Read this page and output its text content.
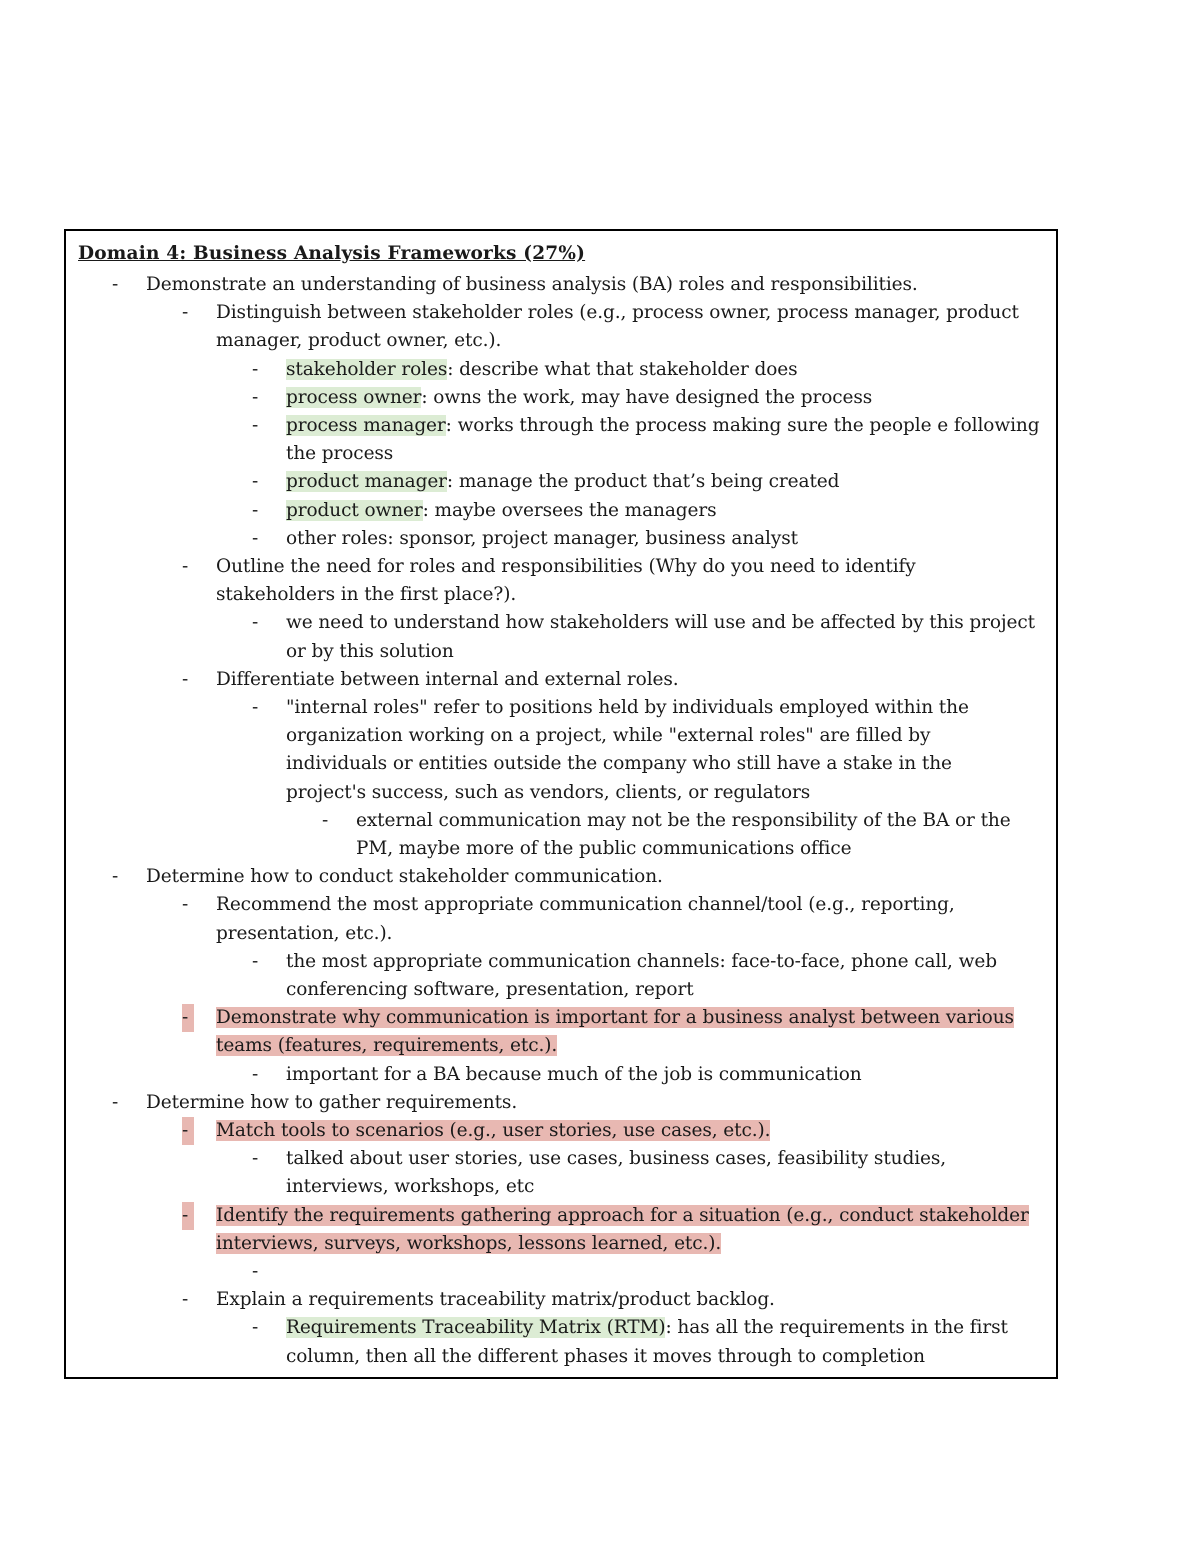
Domain 4: Business Analysis Frameworks (27%)
- Demonstrate an understanding of business analysis (BA) roles and responsibilities.
- Distinguish between stakeholder roles (e.g., process owner, process manager, product
manager, product owner, etc.).
- stakeholder roles: describe what that stakeholder does
- process owner: owns the work, may have designed the process
- process manager: works through the process making sure the people e following
the process
- product manager: manage the product that’s being created
- product owner: maybe oversees the managers
- other roles: sponsor, project manager, business analyst
- Outline the need for roles and responsibilities (Why do you need to identify
stakeholders in the first place?).
- we need to understand how stakeholders will use and be affected by this project
or by this solution
- Differentiate between internal and external roles.
- "internal roles" refer to positions held by individuals employed within the
organization working on a project, while "external roles" are filled by
individuals or entities outside the company who still have a stake in the
project's success, such as vendors, clients, or regulators
- external communication may not be the responsibility of the BA or the
PM, maybe more of the public communications office
- Determine how to conduct stakeholder communication.
- Recommend the most appropriate communication channel/tool (e.g., reporting,
presentation, etc.).
- the most appropriate communication channels: face-to-face, phone call, web
conferencing software, presentation, report
-	Demonstrate why communication is important for a business analyst between various
teams (features, requirements, etc.).
- important for a BA because much of the job is communication
- Determine how to gather requirements.
-	Match tools to scenarios (e.g., user stories, use cases, etc.).
- talked about user stories, use cases, business cases, feasibility studies,
interviews, workshops, etc
-	Identify the requirements gathering approach for a situation (e.g., conduct stakeholder
interviews, surveys, workshops, lessons learned, etc.).
-
- Explain a requirements traceability matrix/product backlog.
- Requirements Traceability Matrix (RTM): has all the requirements in the first
column, then all the different phases it moves through to completion
